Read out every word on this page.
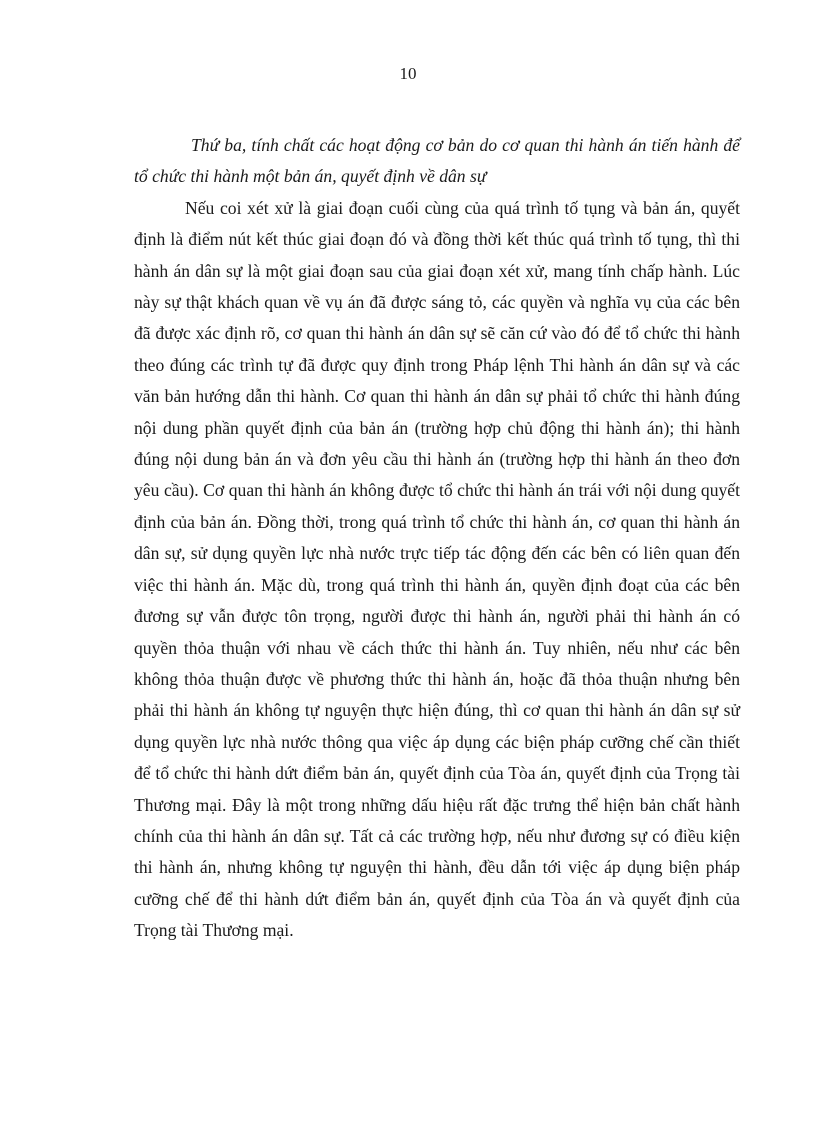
10

Thứ ba, tính chất các hoạt động cơ bản do cơ quan thi hành án tiến hành để tổ chức thi hành một bản án, quyết định về dân sự

Nếu coi xét xử là giai đoạn cuối cùng của quá trình tố tụng và bản án, quyết định là điểm nút kết thúc giai đoạn đó và đồng thời kết thúc quá trình tố tụng, thì thi hành án dân sự là một giai đoạn sau của giai đoạn xét xử, mang tính chấp hành. Lúc này sự thật khách quan về vụ án đã được sáng tỏ, các quyền và nghĩa vụ của các bên đã được xác định rõ, cơ quan thi hành án dân sự sẽ căn cứ vào đó để tổ chức thi hành theo đúng các trình tự đã được quy định trong Pháp lệnh Thi hành án dân sự và các văn bản hướng dẫn thi hành. Cơ quan thi hành án dân sự phải tổ chức thi hành đúng nội dung phần quyết định của bản án (trường hợp chủ động thi hành án); thi hành đúng nội dung bản án và đơn yêu cầu thi hành án (trường hợp thi hành án theo đơn yêu cầu). Cơ quan thi hành án không được tổ chức thi hành án trái với nội dung quyết định của bản án. Đồng thời, trong quá trình tổ chức thi hành án, cơ quan thi hành án dân sự, sử dụng quyền lực nhà nước trực tiếp tác động đến các bên có liên quan đến việc thi hành án. Mặc dù, trong quá trình thi hành án, quyền định đoạt của các bên đương sự vẫn được tôn trọng, người được thi hành án, người phải thi hành án có quyền thỏa thuận với nhau về cách thức thi hành án. Tuy nhiên, nếu như các bên không thỏa thuận được về phương thức thi hành án, hoặc đã thỏa thuận nhưng bên phải thi hành án không tự nguyện thực hiện đúng, thì cơ quan thi hành án dân sự sử dụng quyền lực nhà nước thông qua việc áp dụng các biện pháp cưỡng chế cần thiết để tổ chức thi hành dứt điểm bản án, quyết định của Tòa án, quyết định của Trọng tài Thương mại. Đây là một trong những dấu hiệu rất đặc trưng thể hiện bản chất hành chính của thi hành án dân sự. Tất cả các trường hợp, nếu như đương sự có điều kiện thi hành án, nhưng không tự nguyện thi hành, đều dẫn tới việc áp dụng biện pháp cưỡng chế để thi hành dứt điểm bản án, quyết định của Tòa án và quyết định của Trọng tài Thương mại.
